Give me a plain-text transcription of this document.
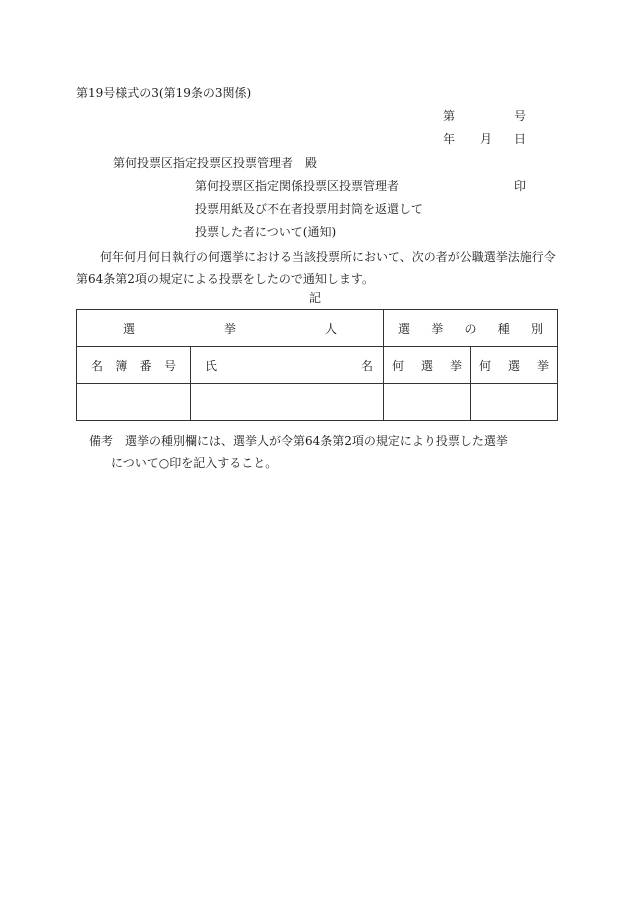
第19号様式の3(第19条の3関係)
第	号
年 月 日
第何投票区指定投票区投票管理者　殿
第何投票区指定関係投票区投票管理者	印
投票用紙及び不在者投票用封筒を返還して
投票した者について(通知)
何年何月何日執行の何選挙における当該投票所において、次の者が公職選挙法施行令第64条第2項の規定による投票をしたので通知します。
記
選 挙 人		選 挙 の 種 別	

名 簿 番 号	氏 名	何 選 挙	何 選 挙

備考 選挙の種別欄には、選挙人が令第64条第2項の規定により投票した選挙
について○印を記入すること。
